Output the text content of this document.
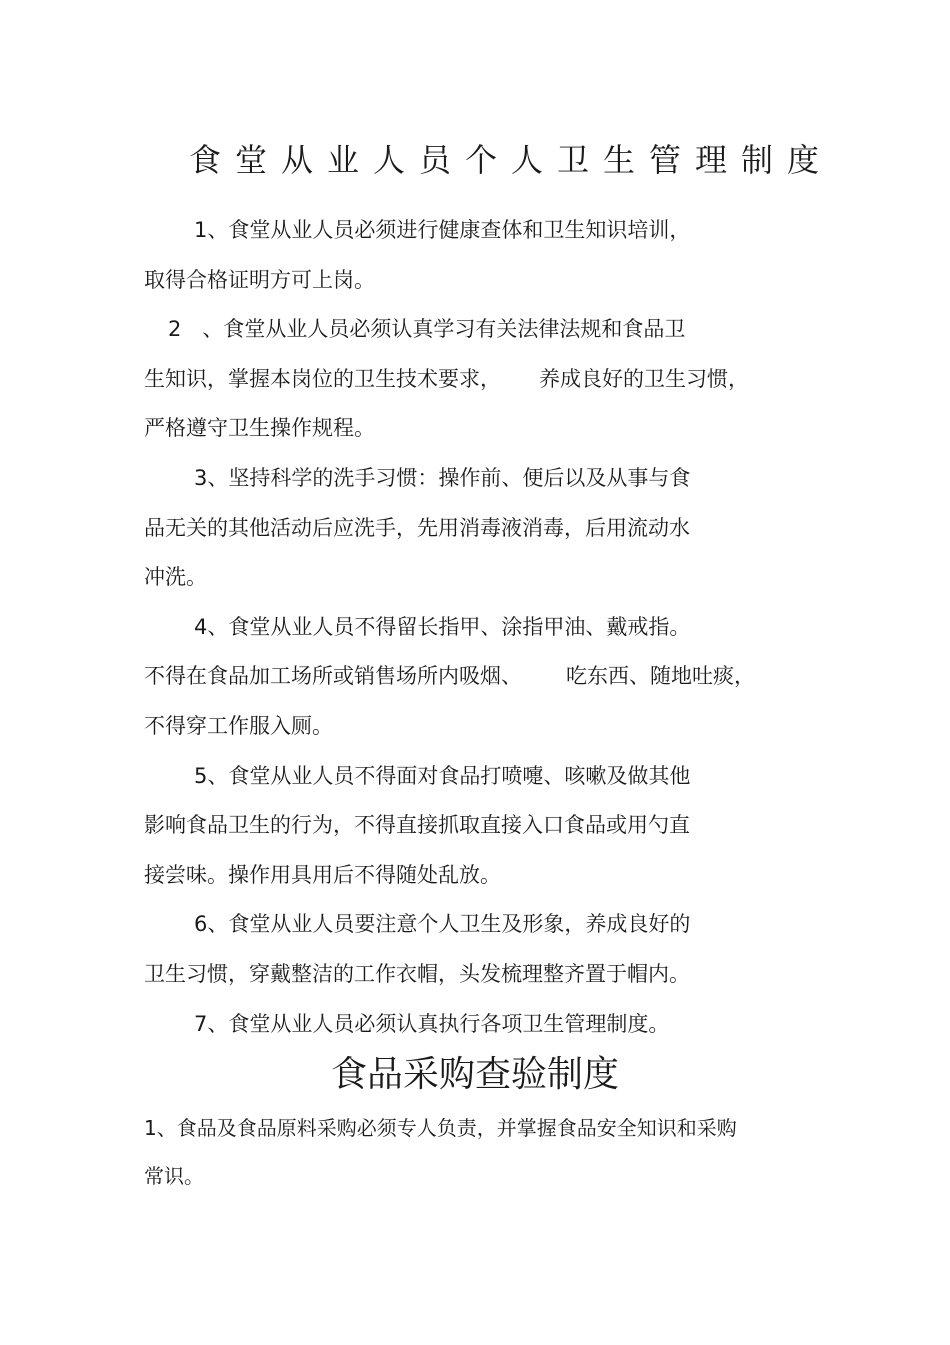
食堂从业人员个人卫生管理制度
1、食堂从业人员必须进行健康查体和卫生知识培训，
取得合格证明方可上岗。
2　、食堂从业人员必须认真学习有关法律法规和食品卫
生知识，掌握本岗位的卫生技术要求， 养成良好的卫生习惯，
严格遵守卫生操作规程。
3、坚持科学的洗手习惯：操作前、便后以及从事与食
品无关的其他活动后应洗手，先用消毒液消毒，后用流动水
冲洗。
4、食堂从业人员不得留长指甲、涂指甲油、戴戒指。
不得在食品加工场所或销售场所内吸烟、 吃东西、随地吐痰，
不得穿工作服入厕。
5、食堂从业人员不得面对食品打喷嚏、咳嗽及做其他
影响食品卫生的行为，不得直接抓取直接入口食品或用勺直
接尝味。操作用具用后不得随处乱放。
6、食堂从业人员要注意个人卫生及形象，养成良好的
卫生习惯，穿戴整洁的工作衣帽，头发梳理整齐置于帽内。
7、食堂从业人员必须认真执行各项卫生管理制度。
食品采购查验制度
1、食品及食品原料采购必须专人负责，并掌握食品安全知识和采购
常识。
